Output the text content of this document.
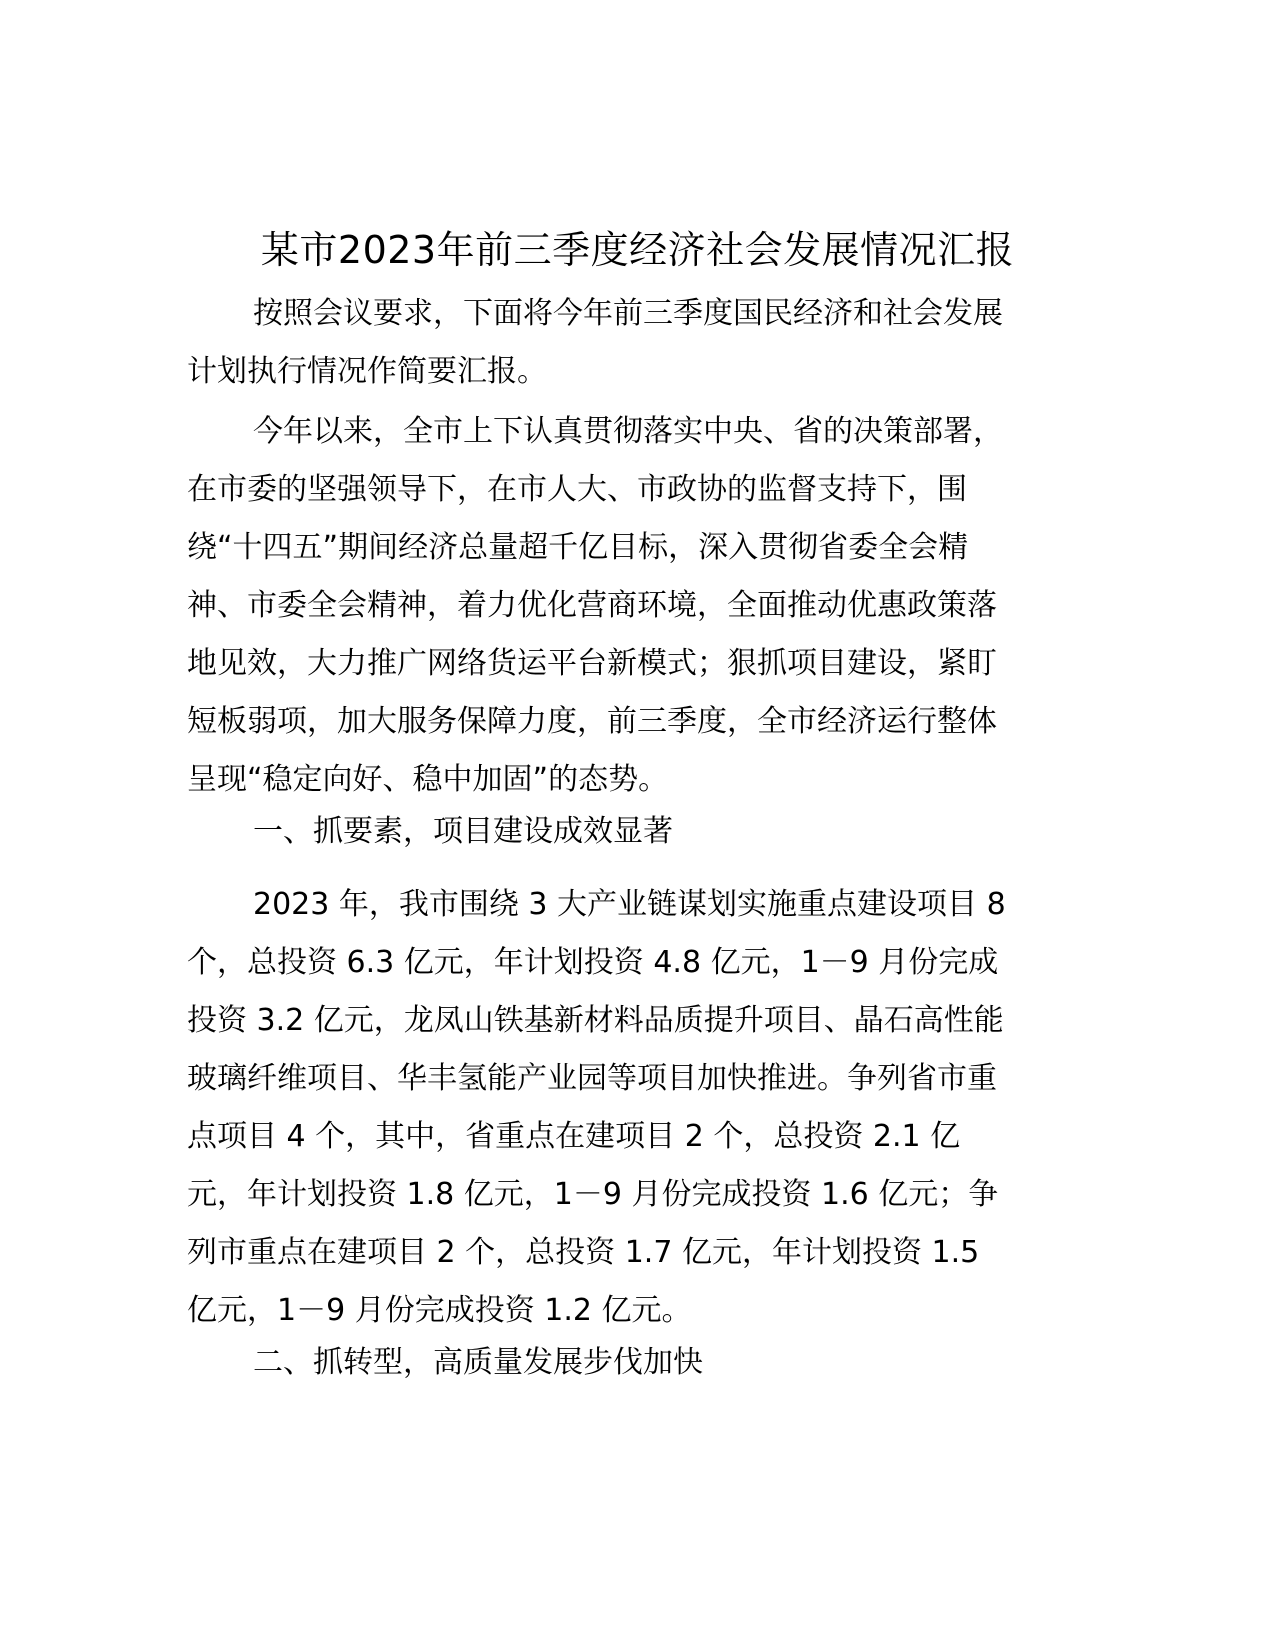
某市2023年前三季度经济社会发展情况汇报

按照会议要求，下面将今年前三季度国民经济和社会发展
计划执行情况作简要汇报。

今年以来，全市上下认真贯彻落实中央、省的决策部署，
在市委的坚强领导下，在市人大、市政协的监督支持下，围
绕“十四五”期间经济总量超千亿目标，深入贯彻省委全会精
神、市委全会精神，着力优化营商环境，全面推动优惠政策落
地见效，大力推广网络货运平台新模式；狠抓项目建设，紧盯
短板弱项，加大服务保障力度，前三季度，全市经济运行整体
呈现“稳定向好、稳中加固”的态势。

一、抓要素，项目建设成效显著

2023 年，我市围绕 3 大产业链谋划实施重点建设项目 8
个，总投资 6.3 亿元，年计划投资 4.8 亿元，1－9 月份完成
投资 3.2 亿元，龙凤山铁基新材料品质提升项目、晶石高性能
玻璃纤维项目、华丰氢能产业园等项目加快推进。争列省市重
点项目 4 个，其中，省重点在建项目 2 个，总投资 2.1 亿
元，年计划投资 1.8 亿元，1－9 月份完成投资 1.6 亿元；争
列市重点在建项目 2 个，总投资 1.7 亿元，年计划投资 1.5
亿元，1－9 月份完成投资 1.2 亿元。

二、抓转型，高质量发展步伐加快
